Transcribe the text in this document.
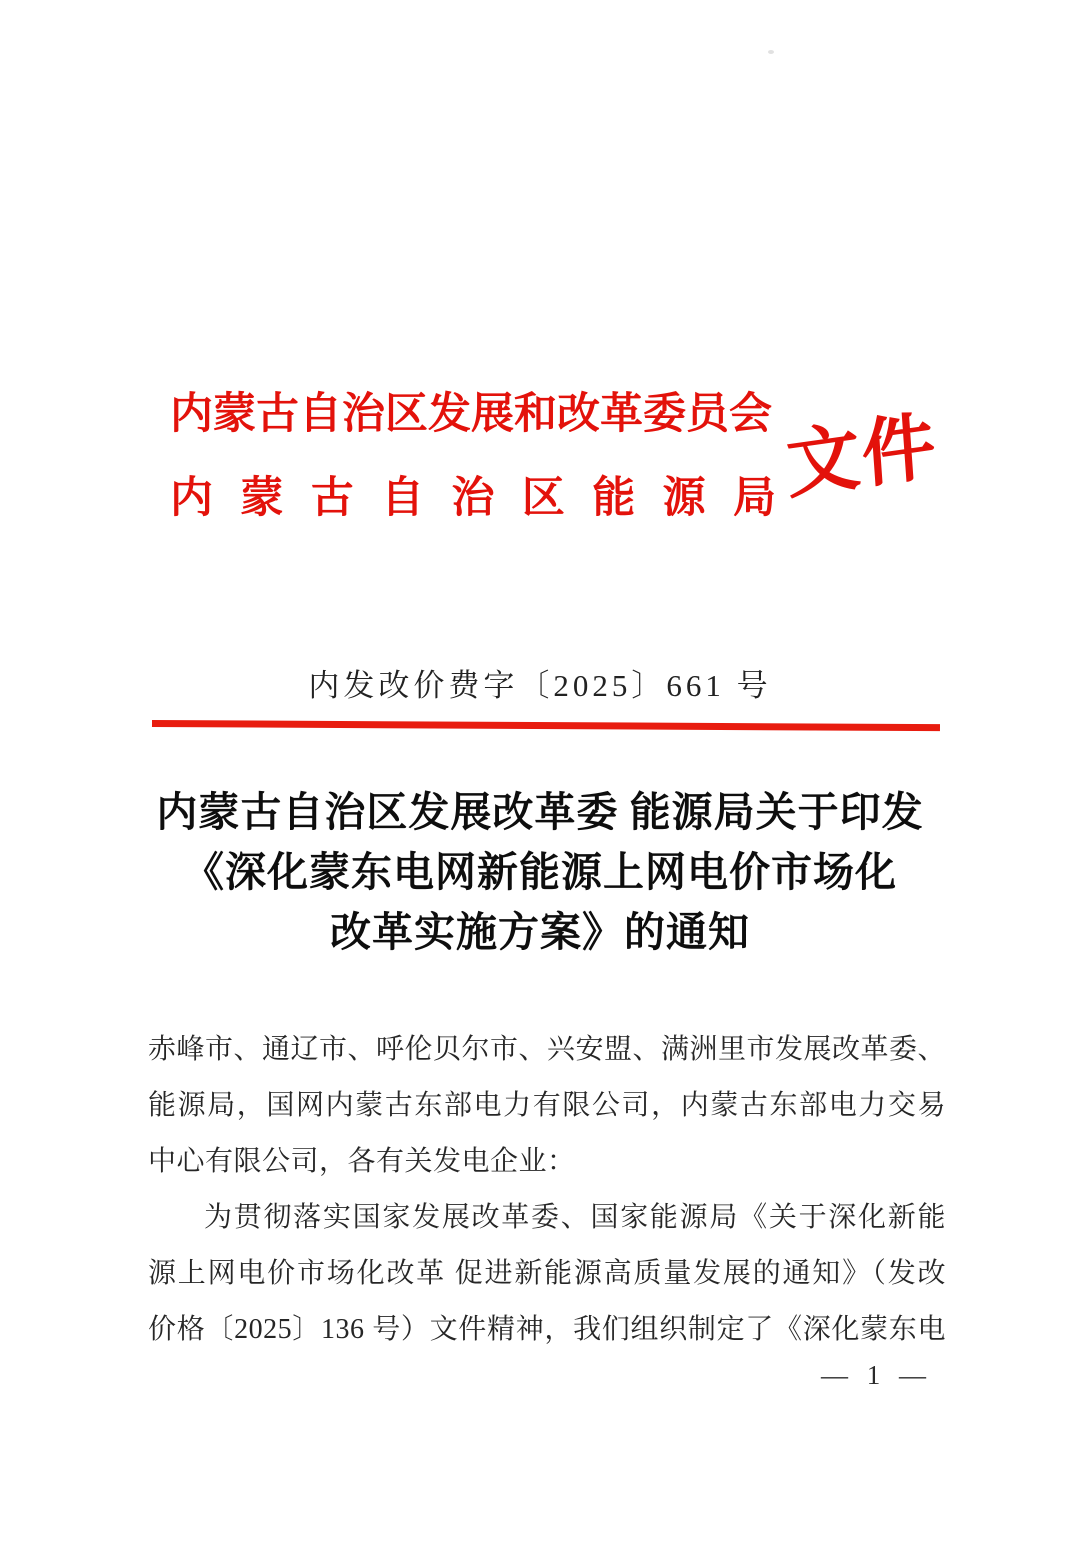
内蒙古自治区发展和改革委员会
内蒙古自治区能源局 文件
内发改价费字〔2025〕661 号
内蒙古自治区发展改革委 能源局关于印发
《深化蒙东电网新能源上网电价市场化
改革实施方案》的通知
赤峰市、通辽市、呼伦贝尔市、兴安盟、满洲里市发展改革委、
能源局，国网内蒙古东部电力有限公司，内蒙古东部电力交易
中心有限公司，各有关发电企业：
为贯彻落实国家发展改革委、国家能源局《关于深化新能
源上网电价市场化改革 促进新能源高质量发展的通知》（发改
价格〔2025〕136 号）文件精神，我们组织制定了《深化蒙东电
— 1 —
